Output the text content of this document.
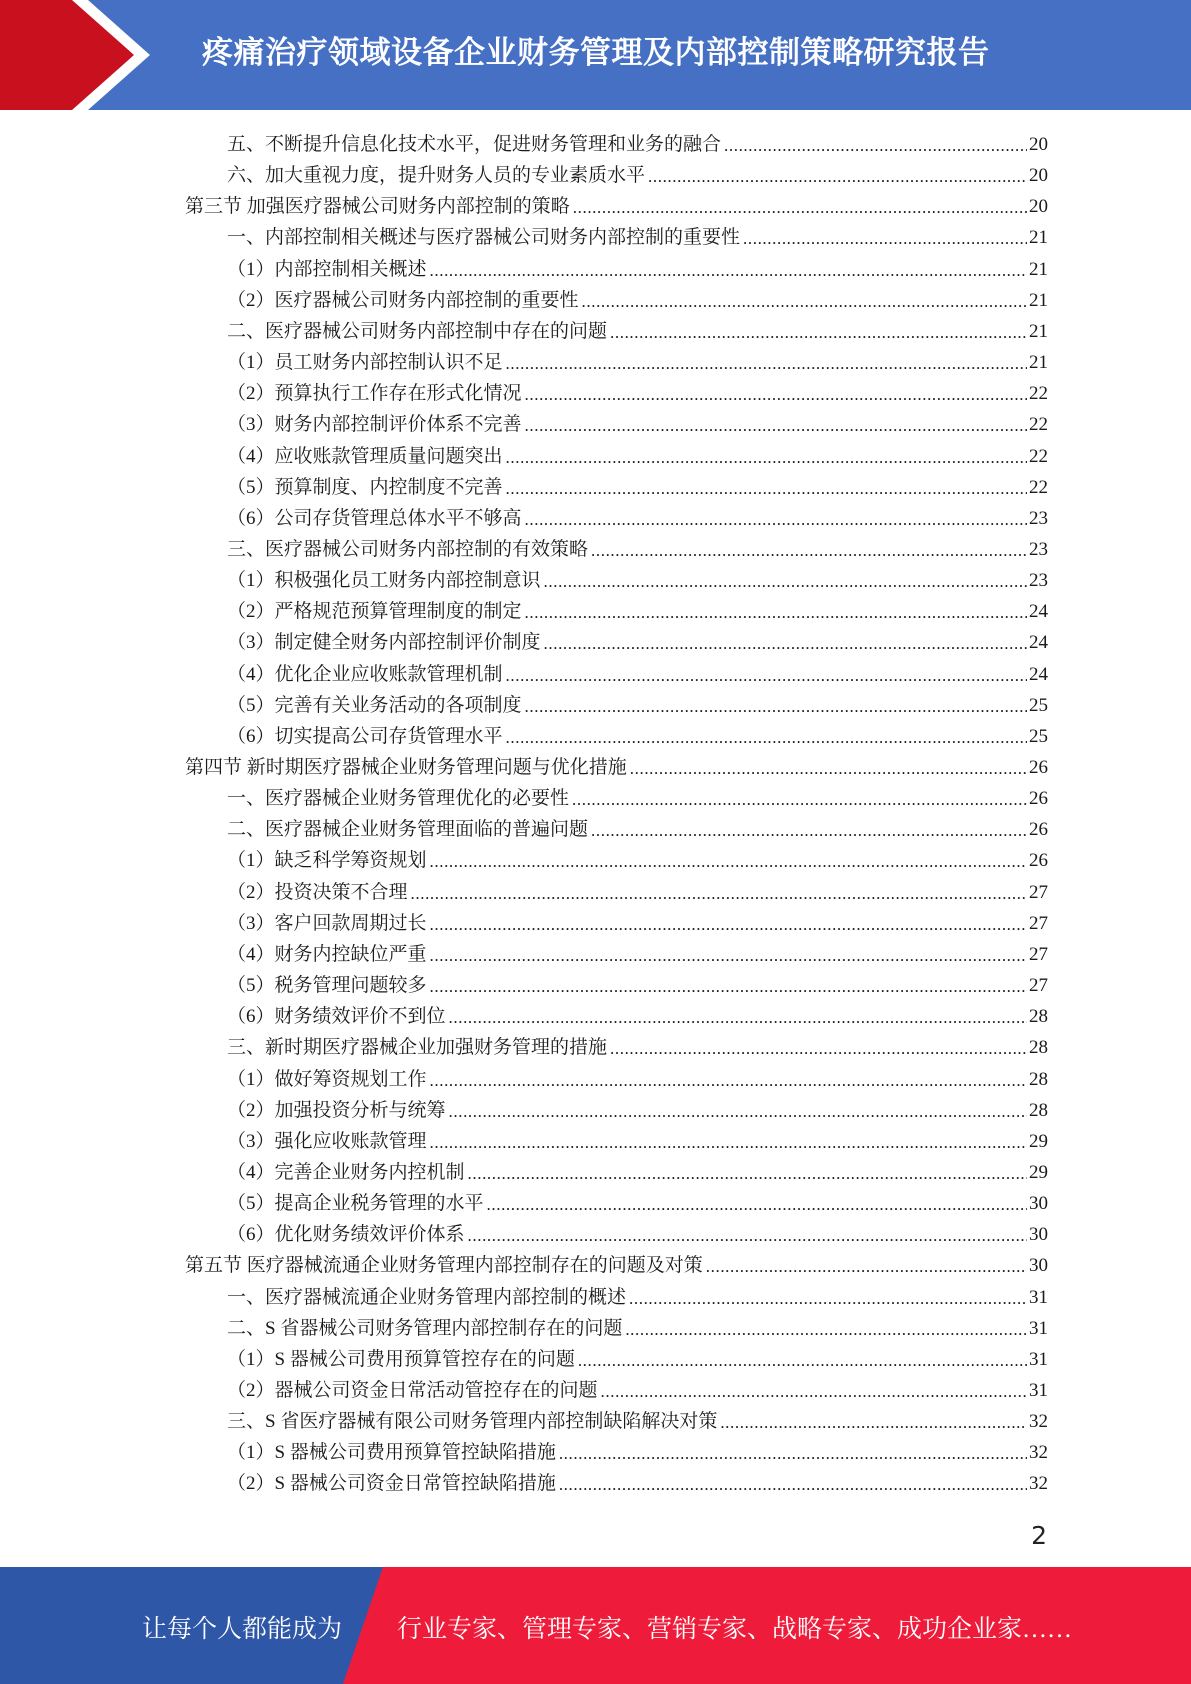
疼痛治疗领域设备企业财务管理及内部控制策略研究报告
五、不断提升信息化技术水平，促进财务管理和业务的融合 .....	20
六、加大重视力度，提升财务人员的专业素质水平 .....	20
第三节 加强医疗器械公司财务内部控制的策略 .....	20
一、内部控制相关概述与医疗器械公司财务内部控制的重要性 .....	21
（1）内部控制相关概述 .....	21
（2）医疗器械公司财务内部控制的重要性 .....	21
二、医疗器械公司财务内部控制中存在的问题 .....	21
（1）员工财务内部控制认识不足 .....	21
（2）预算执行工作存在形式化情况 .....	22
（3）财务内部控制评价体系不完善 .....	22
（4）应收账款管理质量问题突出 .....	22
（5）预算制度、内控制度不完善 .....	22
（6）公司存货管理总体水平不够高 .....	23
三、医疗器械公司财务内部控制的有效策略 .....	23
（1）积极强化员工财务内部控制意识 .....	23
（2）严格规范预算管理制度的制定 .....	24
（3）制定健全财务内部控制评价制度 .....	24
（4）优化企业应收账款管理机制 .....	24
（5）完善有关业务活动的各项制度 .....	25
（6）切实提高公司存货管理水平 .....	25
第四节 新时期医疗器械企业财务管理问题与优化措施 .....	26
一、医疗器械企业财务管理优化的必要性 .....	26
二、医疗器械企业财务管理面临的普遍问题 .....	26
（1）缺乏科学筹资规划 .....	26
（2）投资决策不合理 .....	27
（3）客户回款周期过长 .....	27
（4）财务内控缺位严重 .....	27
（5）税务管理问题较多 .....	27
（6）财务绩效评价不到位 .....	28
三、新时期医疗器械企业加强财务管理的措施 .....	28
（1）做好筹资规划工作 .....	28
（2）加强投资分析与统筹 .....	28
（3）强化应收账款管理 .....	29
（4）完善企业财务内控机制 .....	29
（5）提高企业税务管理的水平 .....	30
（6）优化财务绩效评价体系 .....	30
第五节 医疗器械流通企业财务管理内部控制存在的问题及对策 .....	30
一、医疗器械流通企业财务管理内部控制的概述 .....	31
二、S 省器械公司财务管理内部控制存在的问题 .....	31
（1）S 器械公司费用预算管控存在的问题 .....	31
（2）器械公司资金日常活动管控存在的问题 .....	31
三、S 省医疗器械有限公司财务管理内部控制缺陷解决对策 .....	32
（1）S 器械公司费用预算管控缺陷措施 .....	32
（2）S 器械公司资金日常管控缺陷措施 .....	32
2
让每个人都能成为 行业专家、管理专家、营销专家、战略专家、成功企业家……
